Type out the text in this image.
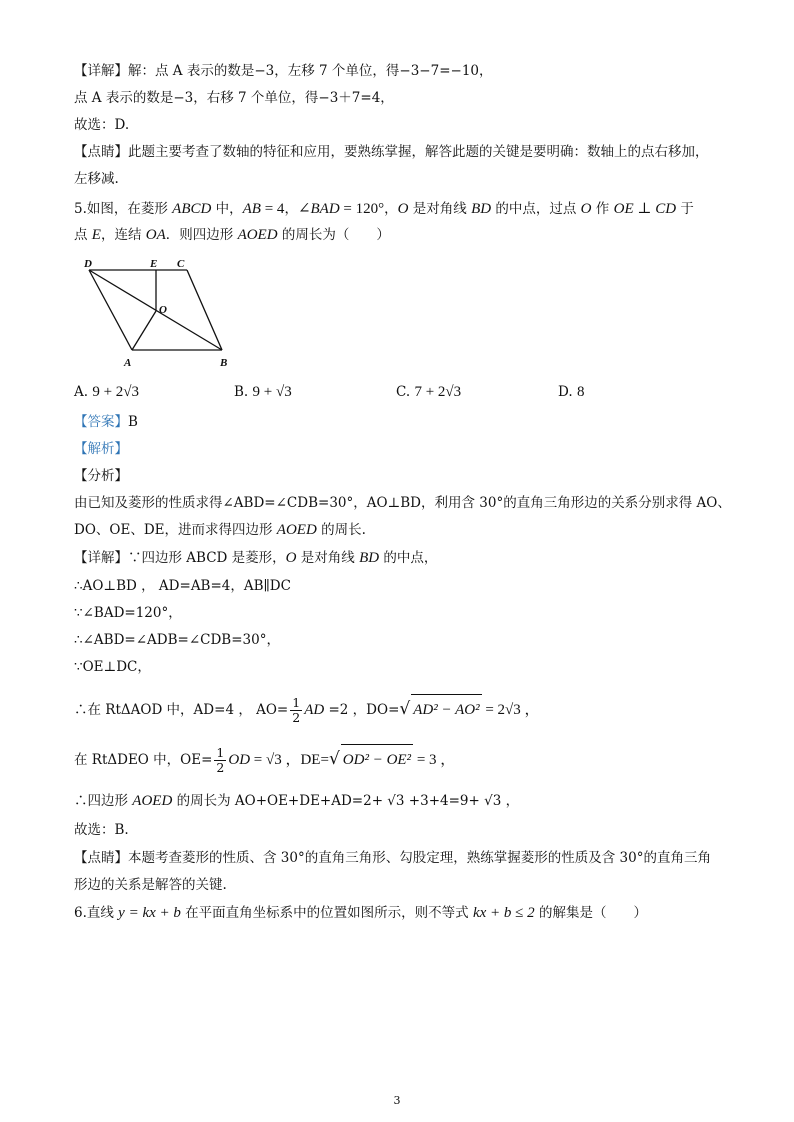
【详解】解：点 A 表示的数是−3，左移 7 个单位，得−3−7=−10，
点 A 表示的数是−3，右移 7 个单位，得−3＋7=4，
故选：D.
【点睛】此题主要考查了数轴的特征和应用，要熟练掌握，解答此题的关键是要明确：数轴上的点右移加，
左移减.
5.如图，在菱形 ABCD 中，AB = 4，∠BAD = 120°，O 是对角线 BD 的中点，过点 O 作 OE ⊥ CD 于
点 E，连结 OA．则四边形 AOED 的周长为（　　）
D	E C
O
A	B
A. 9 + 2√3	B. 9 + √3	C. 7 + 2√3	D. 8
【答案】B
【解析】
【分析】
由已知及菱形的性质求得∠ABD=∠CDB=30°，AO⊥BD，利用含 30°的直角三角形边的关系分别求得 AO、
DO、OE、DE，进而求得四边形 AOED 的周长.
【详解】∵四边形 ABCD 是菱形，O 是对角线 BD 的中点，
∴AO⊥BD ， AD=AB=4，AB∥DC
∵∠BAD=120°，
∴∠ABD=∠ADB=∠CDB=30°，
∵OE⊥DC，
∴在 RtΔAOD 中，AD=4 ， $AO= \frac{1}{2}$ AD =2 ，DO=√ AD² − AO² = 2√3 ，
在 RtΔDEO 中，$OE= \frac{1}{2}$ OD = √3 ，DE=√ OD² − OE² = 3 ，
∴四边形 AOED 的周长为 AO+OE+DE+AD=2+ √3 +3+4=9+ √3 ，
故选：B.
【点睛】本题考查菱形的性质、含 30°的直角三角形、勾股定理，熟练掌握菱形的性质及含 30°的直角三角
形边的关系是解答的关键.
6.直线 y = kx + b 在平面直角坐标系中的位置如图所示，则不等式 kx + b ≤ 2 的解集是（　　）
3
